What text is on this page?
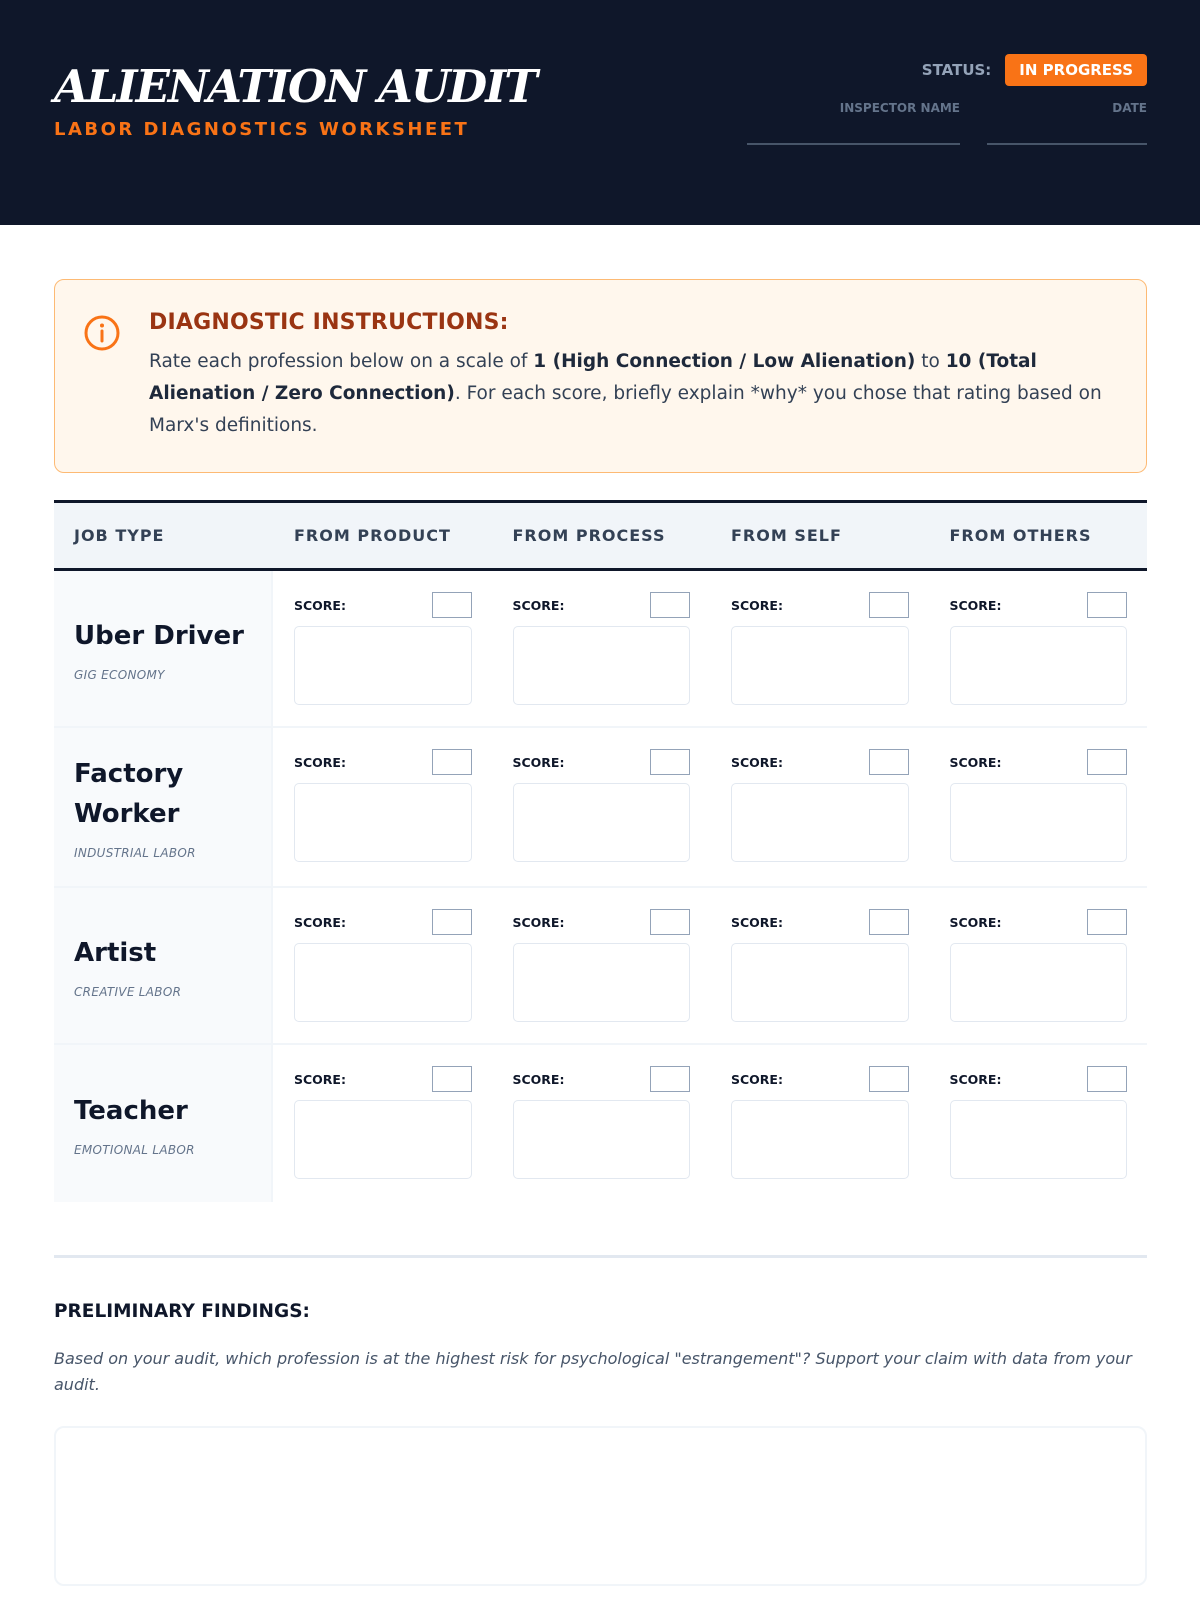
ALIENATION AUDIT
LABOR DIAGNOSTICS WORKSHEET
STATUS:	IN PROGRESS
INSPECTOR NAME	DATE
DIAGNOSTIC INSTRUCTIONS:
Rate each profession below on a scale of 1 (High Connection / Low Alienation) to 10 (Total Alienation / Zero Connection). For each score, briefly explain *why* you chose that rating based on Marx's definitions.
JOB TYPE	FROM PRODUCT	FROM PROCESS	FROM SELF	FROM OTHERS
Uber Driver
GIG ECONOMY
SCORE:	SCORE:	SCORE:	SCORE:
Factory Worker
INDUSTRIAL LABOR
SCORE:	SCORE:	SCORE:	SCORE:
Artist
CREATIVE LABOR
SCORE:	SCORE:	SCORE:	SCORE:
Teacher
EMOTIONAL LABOR
SCORE:	SCORE:	SCORE:	SCORE:
PRELIMINARY FINDINGS:
Based on your audit, which profession is at the highest risk for psychological "estrangement"? Support your claim with data from your audit.
